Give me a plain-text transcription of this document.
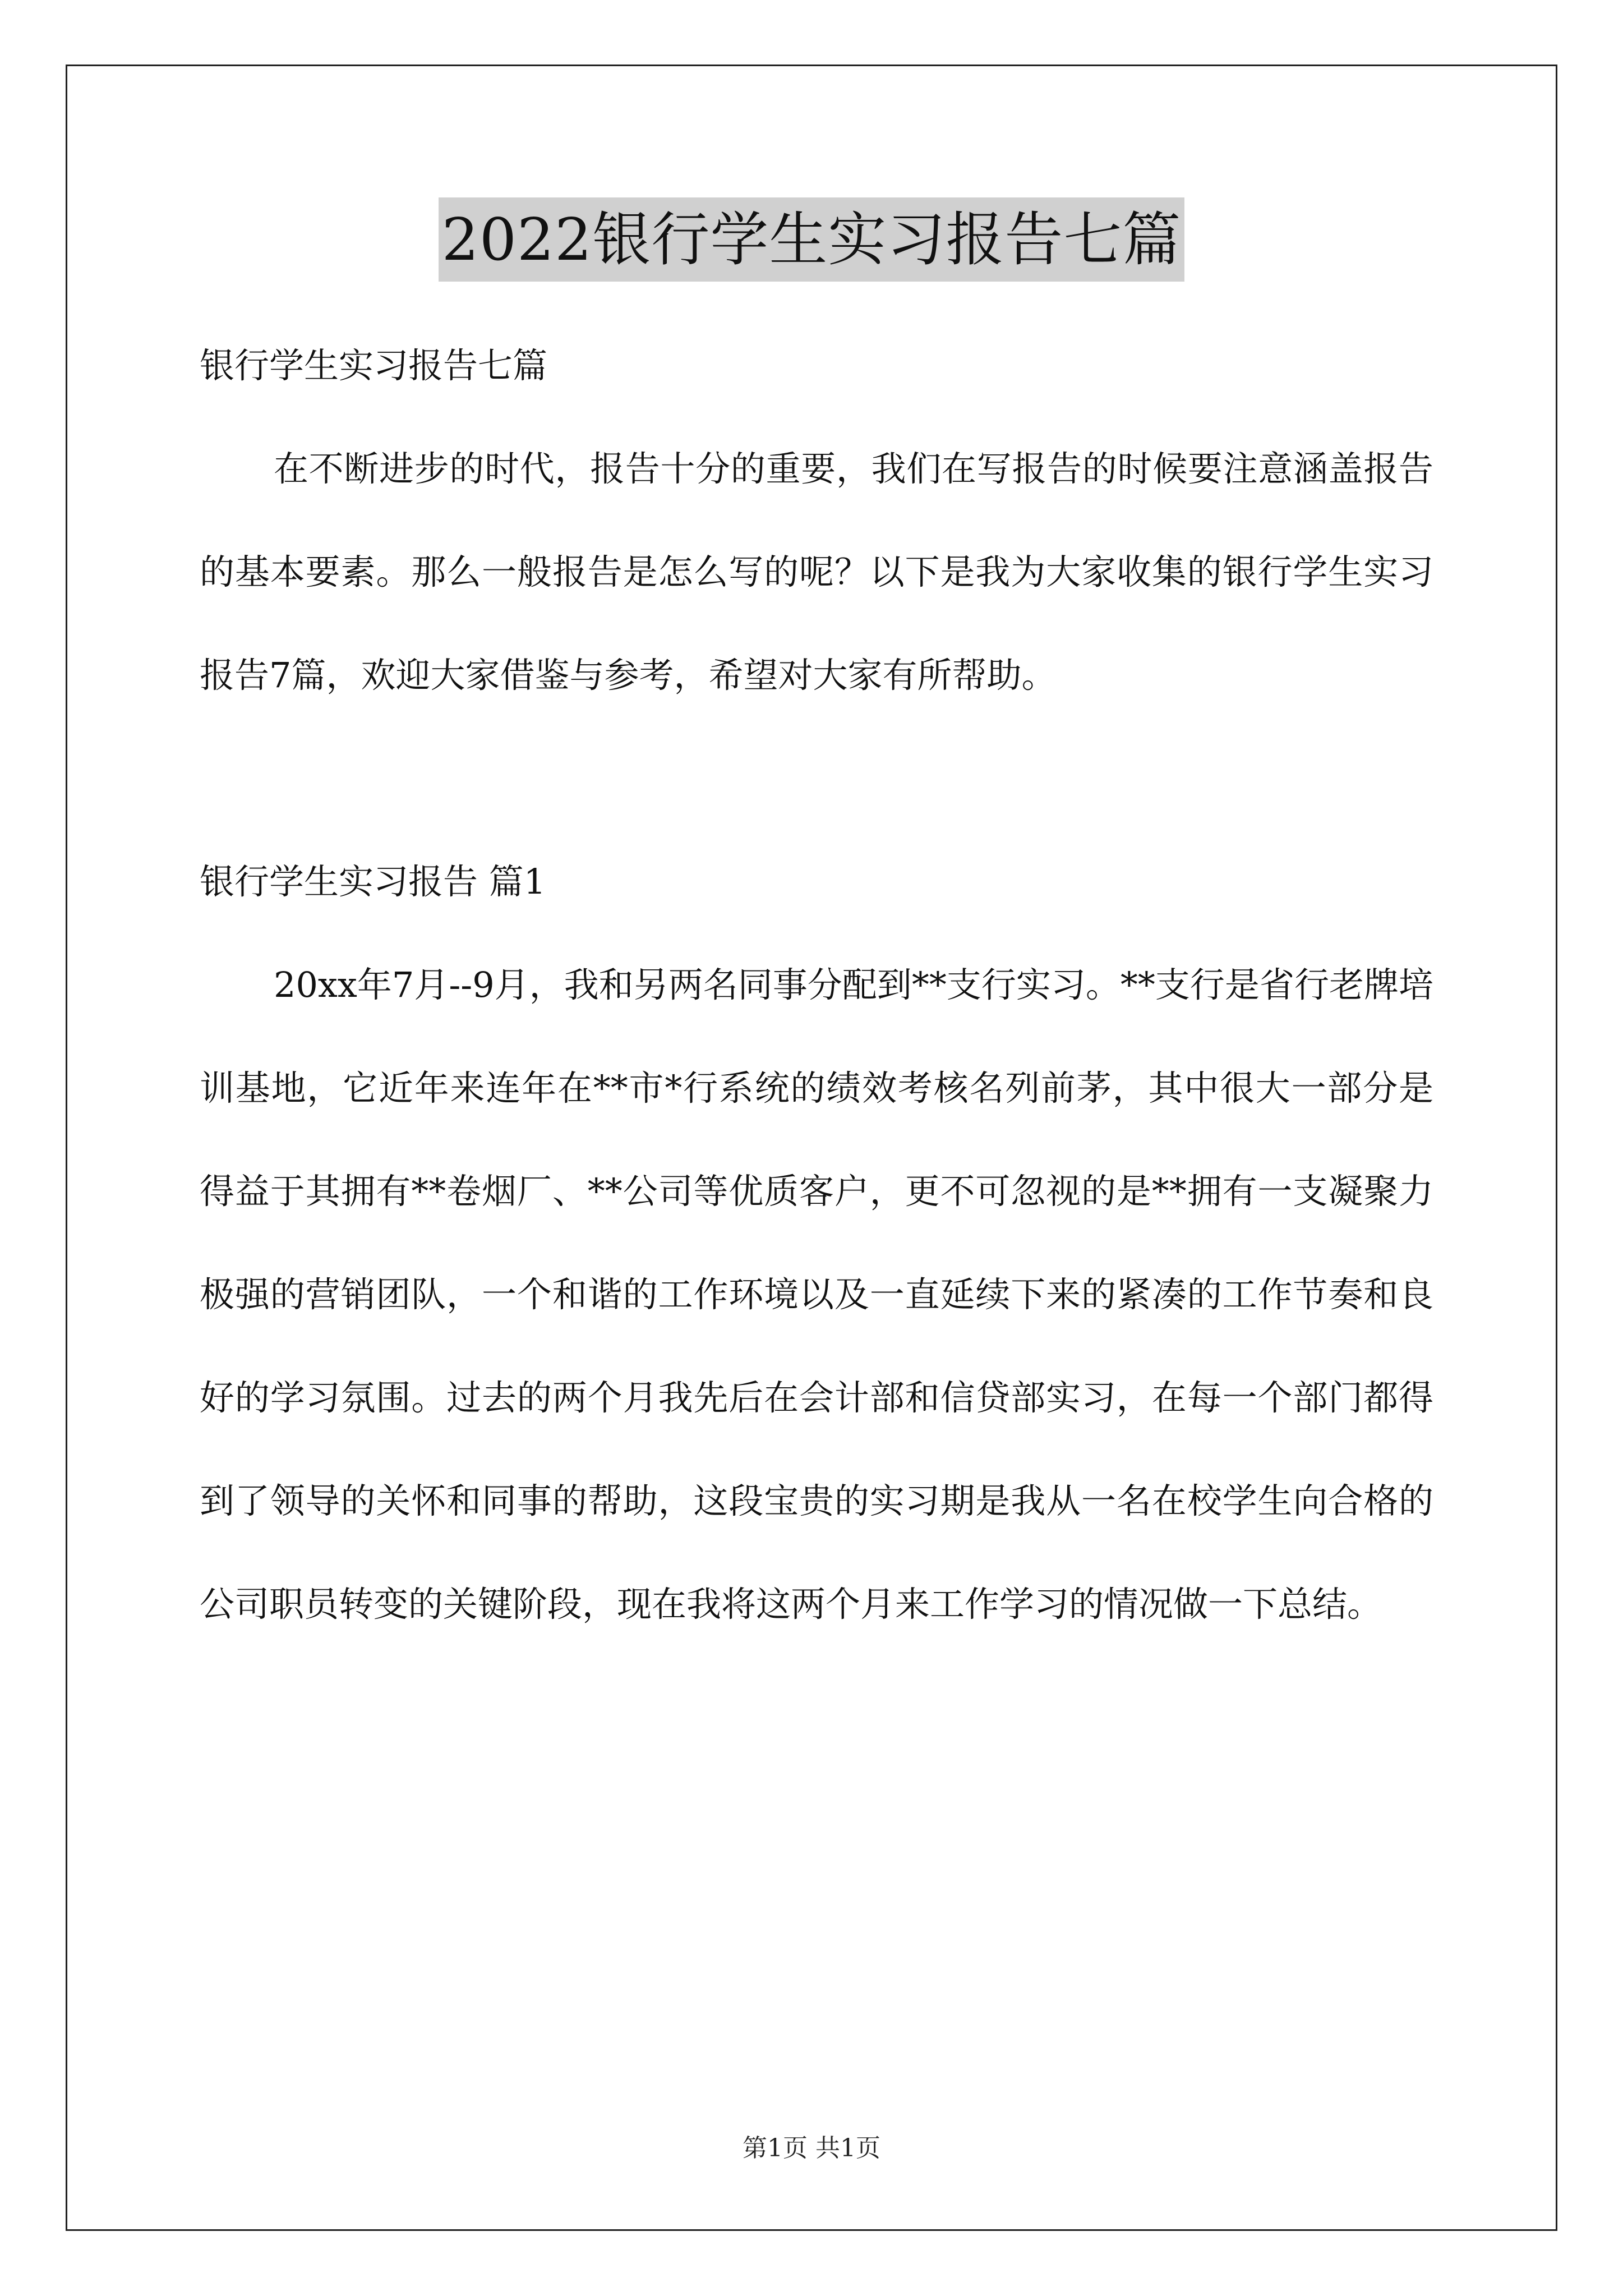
2022银行学生实习报告七篇

银行学生实习报告七篇

在不断进步的时代，报告十分的重要，我们在写报告的时候要注意涵盖报告的基本要素。那么一般报告是怎么写的呢？以下是我为大家收集的银行学生实习报告7篇，欢迎大家借鉴与参考，希望对大家有所帮助。

银行学生实习报告 篇1

20xx年7月--9月，我和另两名同事分配到**支行实习。**支行是省行老牌培训基地，它近年来连年在**市*行系统的绩效考核名列前茅，其中很大一部分是得益于其拥有**卷烟厂、**公司等优质客户，更不可忽视的是**拥有一支凝聚力极强的营销团队，一个和谐的工作环境以及一直延续下来的紧凑的工作节奏和良好的学习氛围。过去的两个月我先后在会计部和信贷部实习，在每一个部门都得到了领导的关怀和同事的帮助，这段宝贵的实习期是我从一名在校学生向合格的公司职员转变的关键阶段，现在我将这两个月来工作学习的情况做一下总结。

第1页 共1页
